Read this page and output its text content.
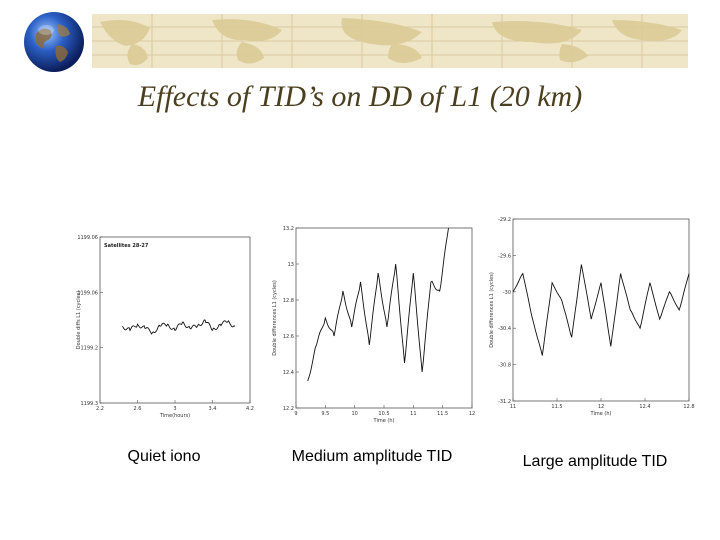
Effects of TID’s on DD of L1 (20 km)
Satellites 28-27
2.2	2.6	3	3.4	4.2
1199.06
1199.06
1199.2
1199.3
Time(hours)
Double diffs L1 (cycles)
9	9.5	10	10.5	11	11.5	12
13.2
13
12.8
12.6
12.4
12.2
Time (h)
Double differences L1 (cycles)
11	11.5	12	12.4	12.8
-29.2
-29.6
-30
-30.4
-30.8
-31.2
Time (h)
Double differences L1 (cycles)
Quiet iono	Medium amplitude TID	Large amplitude TID
